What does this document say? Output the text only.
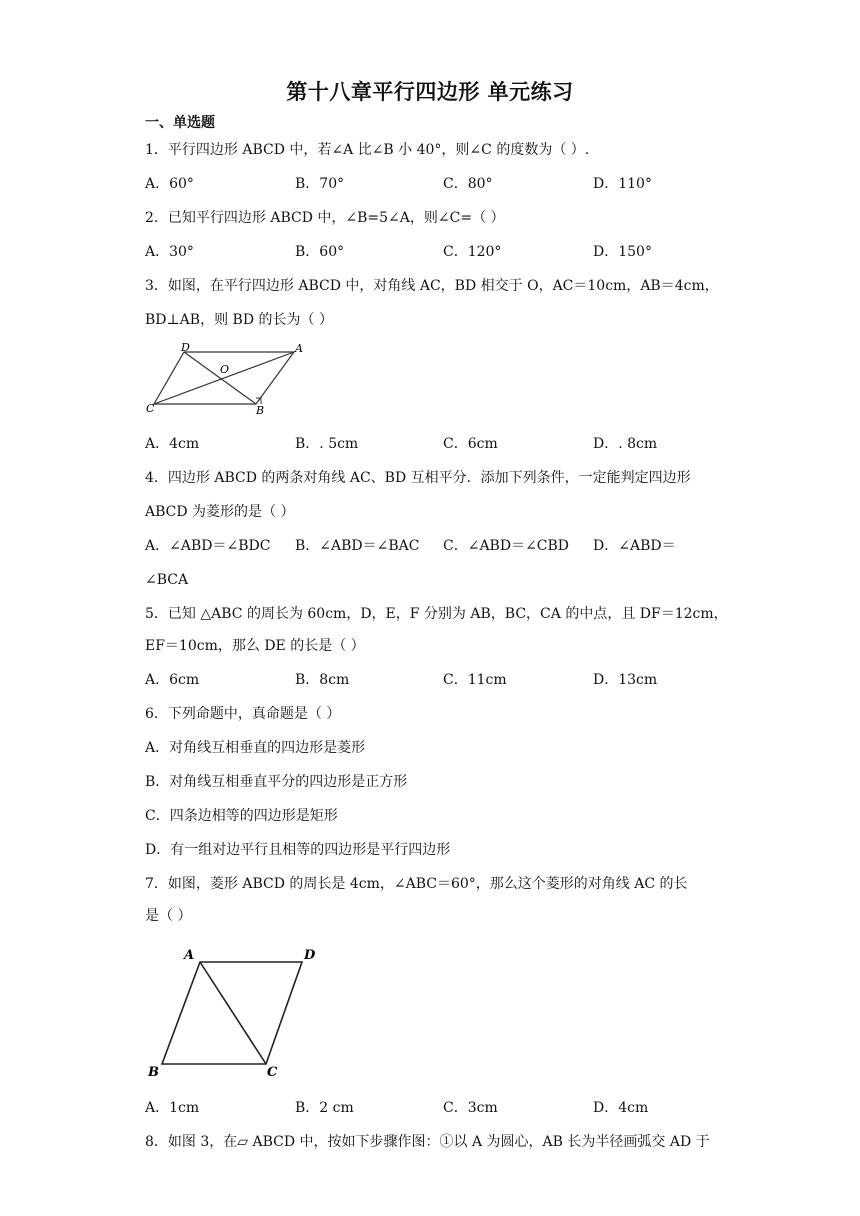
第十八章平行四边形 单元练习
一、单选题
1．平行四边形 ABCD 中，若∠A 比∠B 小 40°，则∠C 的度数为（ ）.
A．60°	B．70°	C．80°	D．110°
2．已知平行四边形 ABCD 中，∠B=5∠A，则∠C=（ ）
A．30°	B．60°	C．120°	D．150°
3．如图，在平行四边形 ABCD 中，对角线 AC，BD 相交于 O，AC＝10cm，AB＝4cm，
BD⊥AB，则 BD 的长为（ ）
D	A
O
C	B
A．4cm	B．. 5cm	C．6cm	D．. 8cm
4．四边形 ABCD 的两条对角线 AC、BD 互相平分．添加下列条件，一定能判定四边形
ABCD 为菱形的是（ ）
A．∠ABD＝∠BDC B．∠ABD＝∠BAC C．∠ABD＝∠CBD D．∠ABD＝
∠BCA
5．已知 △ABC 的周长为 60cm，D，E，F 分别为 AB，BC，CA 的中点，且 DF＝12cm，
EF＝10cm，那么 DE 的长是（ ）
A．6cm	B．8cm	C．11cm	D．13cm
6．下列命题中，真命题是（ ）
A．对角线互相垂直的四边形是菱形
B．对角线互相垂直平分的四边形是正方形
C．四条边相等的四边形是矩形
D．有一组对边平行且相等的四边形是平行四边形
7．如图，菱形 ABCD 的周长是 4cm，∠ABC＝60°，那么这个菱形的对角线 AC 的长
是（ ）
A	D
B	C
A．1cm	B．2 cm	C．3cm	D．4cm
8．如图 3，在▱ ABCD 中，按如下步骤作图：①以 A 为圆心，AB 长为半径画弧交 AD 于
